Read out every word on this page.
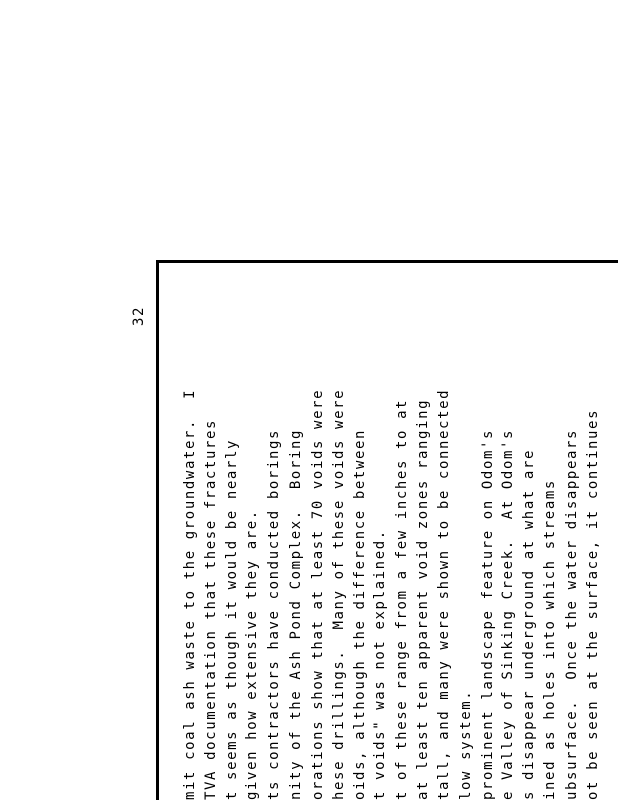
32
mit coal ash waste to the groundwater.  I TVA documentation that these fractures t seems as though it would be nearly given how extensive they are. ts contractors have conducted borings nity of the Ash Pond Complex.  Boring orations show that at least 70 voids were hese drillings.  Many of these voids were oids, although the difference between t voids" was not explained. t of these range from a few inches to at at least ten apparent void zones ranging tall, and many were shown to be connected low system. prominent landscape feature on Odom's e Valley of Sinking Creek.  At Odom's s disappear underground at what are ined as holes into which streams ubsurface.  Once the water disappears ot be seen at the surface, it continues
